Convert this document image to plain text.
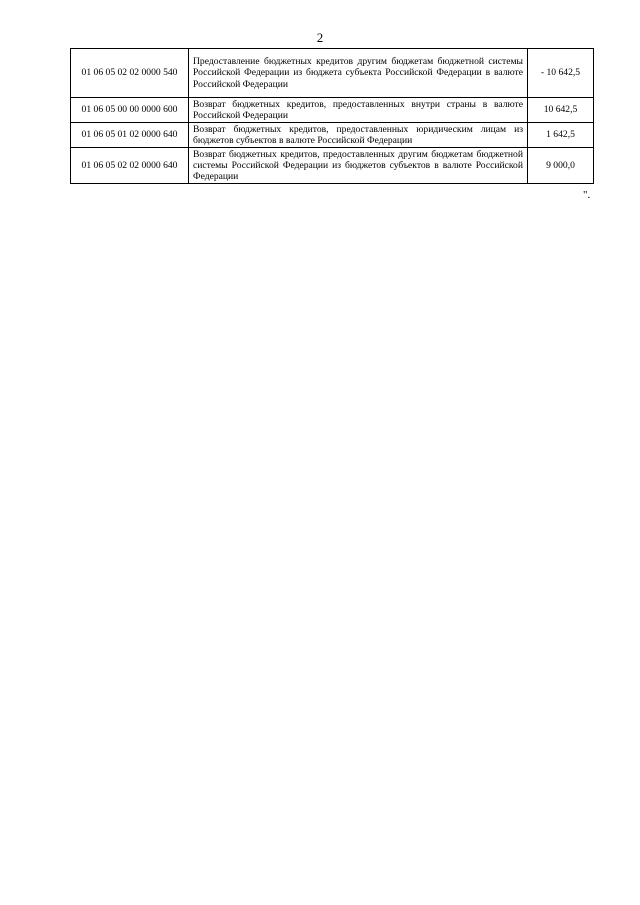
2
01 06 05 02 02 0000 540	Предоставление бюджетных кредитов другим бюджетам бюджетной системы Российской Федерации из бюджета субъекта Российской Федерации в валюте Российской Федерации	- 10 642,5
01 06 05 00 00 0000 600	Возврат бюджетных кредитов, предоставленных внутри страны в валюте Российской Федерации	10 642,5
01 06 05 01 02 0000 640	Возврат бюджетных кредитов, предоставленных юридическим лицам из бюджетов субъектов в валюте Российской Федерации	1 642,5
01 06 05 02 02 0000 640	Возврат бюджетных кредитов, предоставленных другим бюджетам бюджетной системы Российской Федерации из бюджетов субъектов в валюте Российской Федерации	9 000,0
".
